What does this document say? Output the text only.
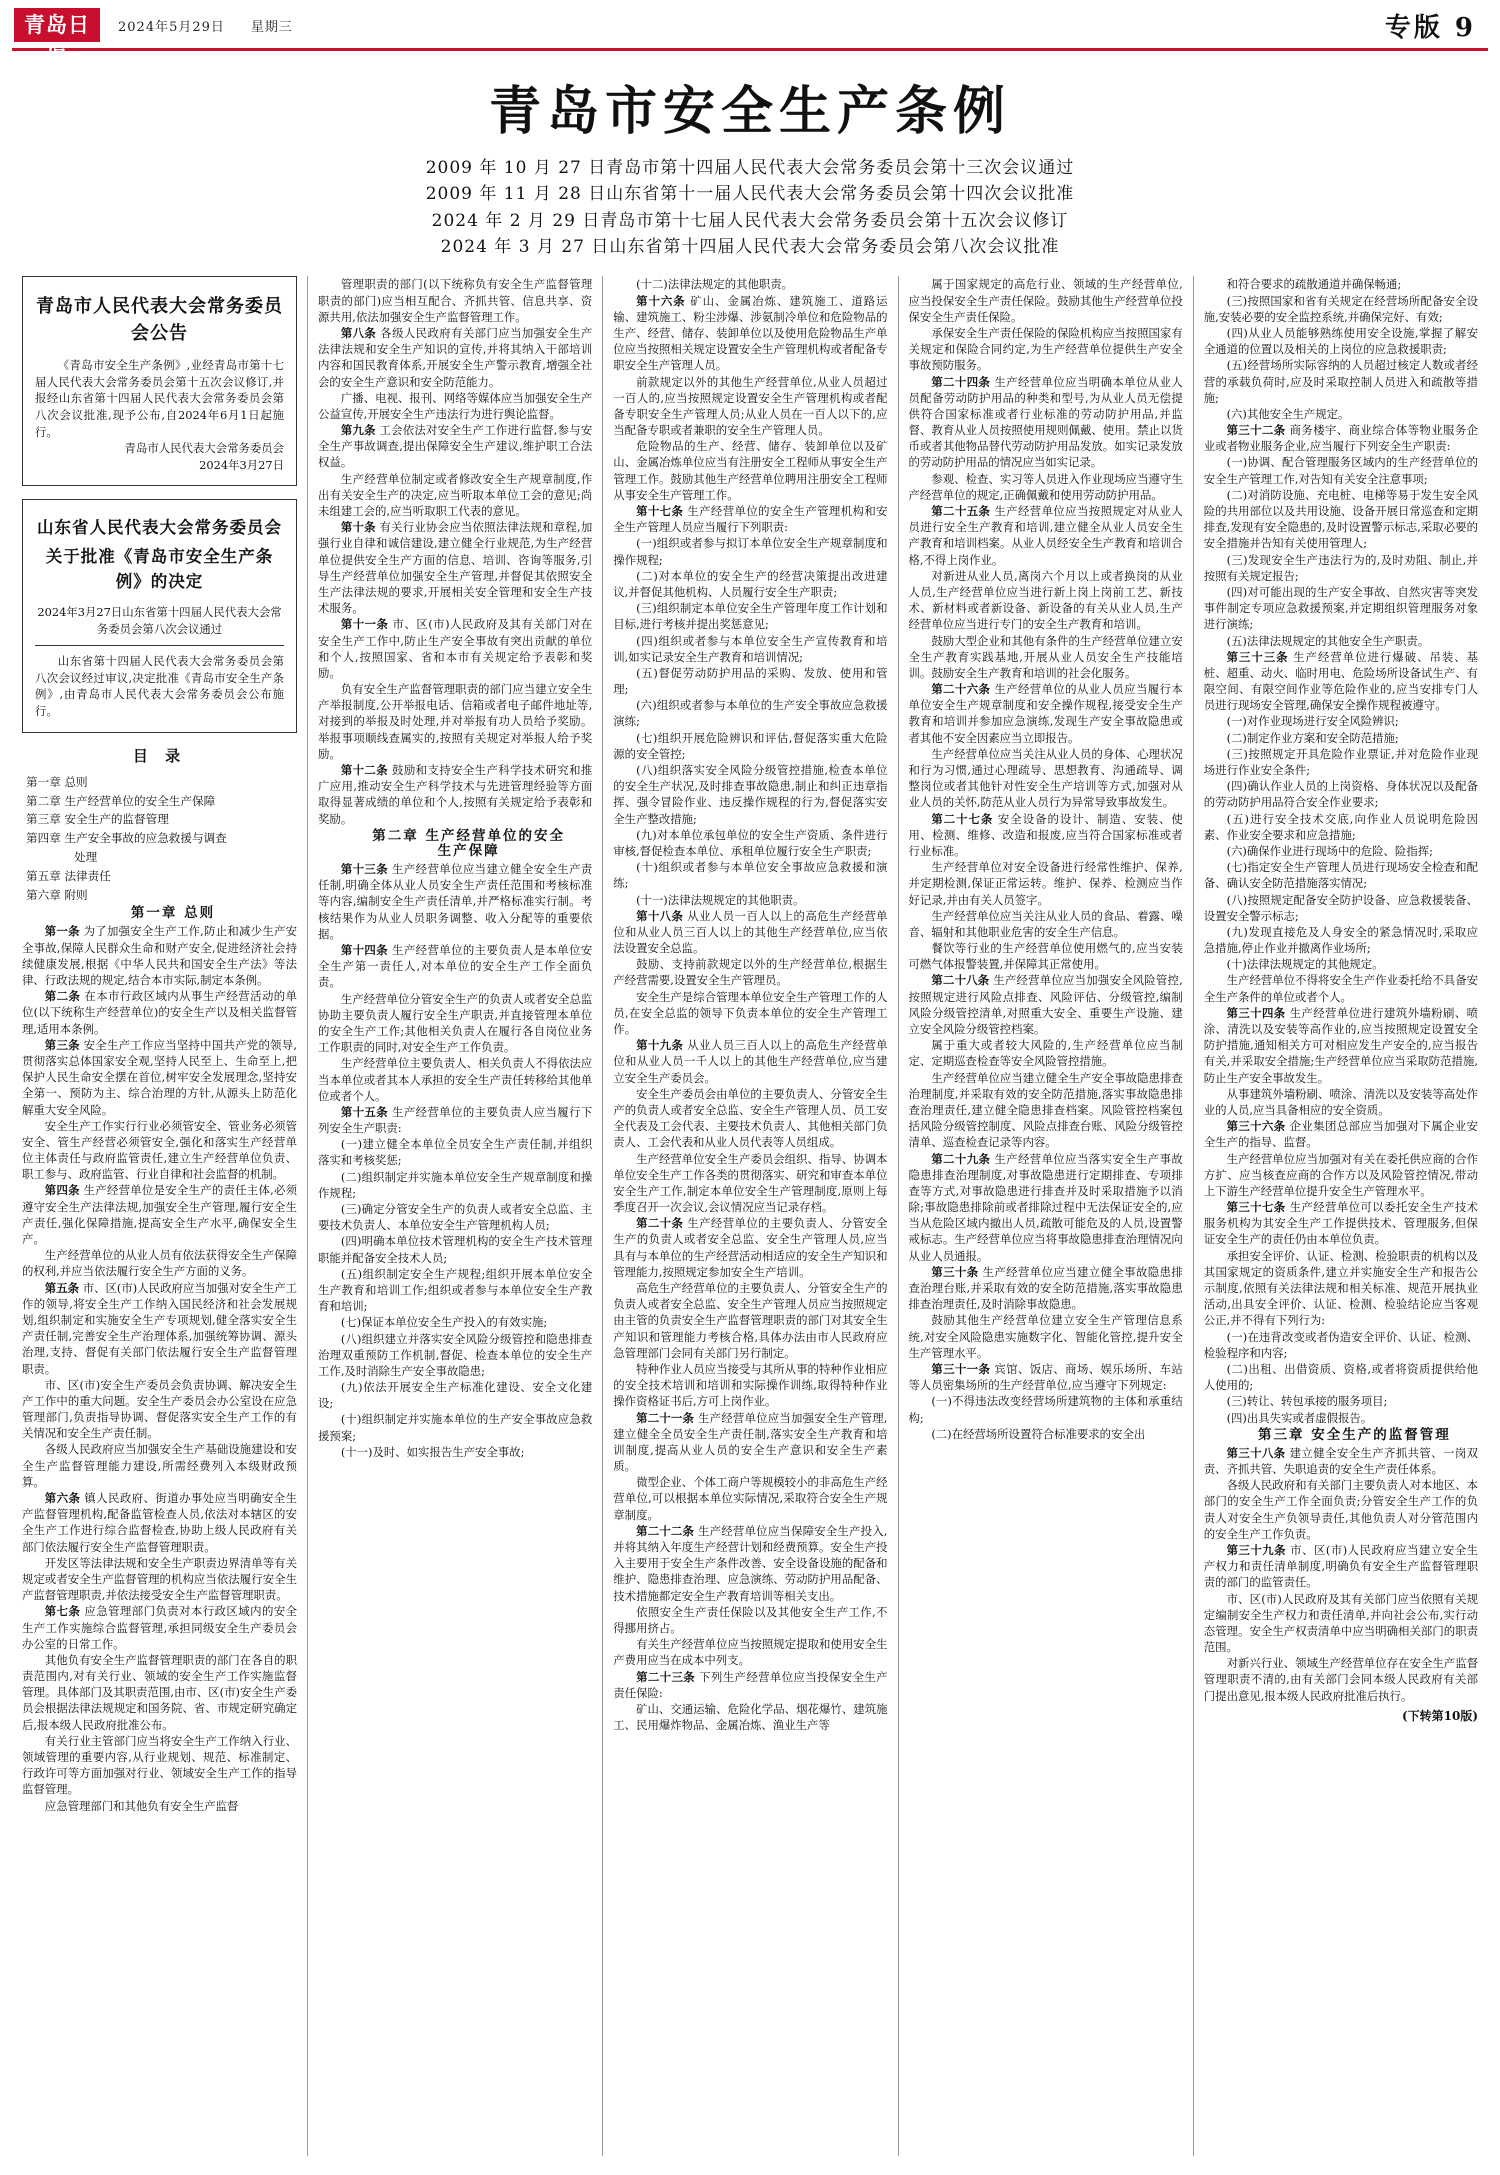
青岛日报
2024年5月29日 星期三	专版 9
青岛市安全生产条例
2009 年 10 月 27 日青岛市第十四届人民代表大会常务委员会第十三次会议通过
2009 年 11 月 28 日山东省第十一届人民代表大会常务委员会第十四次会议批准
2024 年 2 月 29 日青岛市第十七届人民代表大会常务委员会第十五次会议修订
2024 年 3 月 27 日山东省第十四届人民代表大会常务委员会第八次会议批准
青岛市人民代表大会常务委员会公告

《青岛市安全生产条例》,业经青岛市第十七届人民代表大会常务委员会第十五次会议修订,并报经山东省第十四届人民代表大会常务委员会第八次会议批准,现予公布,自2024年6月1日起施行。

青岛市人民代表大会常务委员会

2024年3月27日

山东省人民代表大会常务委员会
关于批准《青岛市安全生产条例》的决定

2024年3月27日山东省第十四届人民代表大会常务委员会第八次会议通过

山东省第十四届人民代表大会常务委员会第八次会议经过审议,决定批准《青岛市安全生产条例》,由青岛市人民代表大会常务委员会公布施行。

目 录
第一章 总则
第二章 生产经营单位的安全生产保障
第三章 安全生产的监督管理
第四章 生产安全事故的应急救援与调查
处理
第五章 法律责任
第六章 附则

第一章 总则

第一条 为了加强安全生产工作,防止和减少生产安全事故,保障人民群众生命和财产安全,促进经济社会持续健康发展,根据《中华人民共和国安全生产法》等法律、行政法规的规定,结合本市实际,制定本条例。

第二条 在本市行政区域内从事生产经营活动的单位(以下统称生产经营单位)的安全生产以及相关监督管理,适用本条例。

第三条 安全生产工作应当坚持中国共产党的领导,贯彻落实总体国家安全观,坚持人民至上、生命至上,把保护人民生命安全摆在首位,树牢安全发展理念,坚持安全第一、预防为主、综合治理的方针,从源头上防范化解重大安全风险。

安全生产工作实行行业必须管安全、管业务必须管安全、管生产经营必须管安全,强化和落实生产经营单位主体责任与政府监管责任,建立生产经营单位负责、职工参与、政府监管、行业自律和社会监督的机制。

第四条 生产经营单位是安全生产的责任主体,必须遵守安全生产法律法规,加强安全生产管理,履行安全生产责任,强化保障措施,提高安全生产水平,确保安全生产。

生产经营单位的从业人员有依法获得安全生产保障的权利,并应当依法履行安全生产方面的义务。

第五条 市、区(市)人民政府应当加强对安全生产工作的领导,将安全生产工作纳入国民经济和社会发展规划,组织制定和实施安全生产专项规划,健全落实安全生产责任制,完善安全生产治理体系,加强统筹协调、源头治理,支持、督促有关部门依法履行安全生产监督管理职责。

市、区(市)安全生产委员会负责协调、解决安全生产工作中的重大问题。安全生产委员会办公室设在应急管理部门,负责指导协调、督促落实安全生产工作的有关情况和安全生产责任制。

各级人民政府应当加强安全生产基础设施建设和安全生产监督管理能力建设,所需经费列入本级财政预算。

第六条 镇人民政府、街道办事处应当明确安全生产监督管理机构,配备监管检查人员,依法对本辖区的安全生产工作进行综合监督检查,协助上级人民政府有关部门依法履行安全生产监督管理职责。

开发区等法律法规和安全生产职责边界清单等有关规定或者安全生产监督管理的机构应当依法履行安全生产监督管理职责,并依法接受安全生产监督管理职责。

第七条 应急管理部门负责对本行政区域内的安全生产工作实施综合监督管理,承担同级安全生产委员会办公室的日常工作。

其他负有安全生产监督管理职责的部门在各自的职责范围内,对有关行业、领域的安全生产工作实施监督管理。具体部门及其职责范围,由市、区(市)安全生产委员会根据法律法规规定和国务院、省、市规定研究确定后,报本级人民政府批准公布。

有关行业主管部门应当将安全生产工作纳入行业、领域管理的重要内容,从行业规划、规范、标准制定、行政许可等方面加强对行业、领域安全生产工作的指导监督管理。

应急管理部门和其他负有安全生产监督

管理职责的部门(以下统称负有安全生产监督管理职责的部门)应当相互配合、齐抓共管、信息共享、资源共用,依法加强安全生产监督管理工作。

第八条 各级人民政府有关部门应当加强安全生产法律法规和安全生产知识的宣传,并将其纳入干部培训内容和国民教育体系,开展安全生产警示教育,增强全社会的安全生产意识和安全防范能力。

广播、电视、报刊、网络等媒体应当加强安全生产公益宣传,开展安全生产违法行为进行舆论监督。

第九条 工会依法对安全生产工作进行监督,参与安全生产事故调查,提出保障安全生产建议,维护职工合法权益。

生产经营单位制定或者修改安全生产规章制度,作出有关安全生产的决定,应当听取本单位工会的意见;尚未组建工会的,应当听取职工代表的意见。

第十条 有关行业协会应当依照法律法规和章程,加强行业自律和诚信建设,建立健全行业规范,为生产经营单位提供安全生产方面的信息、培训、咨询等服务,引导生产经营单位加强安全生产管理,并督促其依照安全生产法律法规的要求,开展相关安全管理和安全生产技术服务。

第十一条 市、区(市)人民政府及其有关部门对在安全生产工作中,防止生产安全事故有突出贡献的单位和个人,按照国家、省和本市有关规定给予表彰和奖励。

负有安全生产监督管理职责的部门应当建立安全生产举报制度,公开举报电话、信箱或者电子邮件地址等,对接到的举报及时处理,并对举报有功人员给予奖励。举报事项顺线查属实的,按照有关规定对举报人给予奖励。

第十二条 鼓励和支持安全生产科学技术研究和推广应用,推动安全生产科学技术与先进管理经验等方面取得显著成绩的单位和个人,按照有关规定给予表彰和奖励。

第二章 生产经营单位的安全

生产保障

第十三条 生产经营单位应当建立健全安全生产责任制,明确全体从业人员安全生产责任范围和考核标准等内容,编制安全生产责任清单,并严格标准实行制。考核结果作为从业人员职务调整、收入分配等的重要依据。

第十四条 生产经营单位的主要负责人是本单位安全生产第一责任人,对本单位的安全生产工作全面负责。

生产经营单位分管安全生产的负责人或者安全总监协助主要负责人履行安全生产职责,并直接管理本单位的安全生产工作;其他相关负责人在履行各自岗位业务工作职责的同时,对安全生产工作负责。

生产经营单位主要负责人、相关负责人不得依法应当本单位或者其本人承担的安全生产责任转移给其他单位或者个人。

第十五条 生产经营单位的主要负责人应当履行下列安全生产职责:

(一)建立健全本单位全员安全生产责任制,并组织落实和考核奖惩;

(二)组织制定并实施本单位安全生产规章制度和操作规程;

(三)确定分管安全生产的负责人或者安全总监、主要技术负责人、本单位安全生产管理机构人员;

(四)明确本单位技术管理机构的安全生产技术管理职能并配备安全技术人员;

(五)组织制定安全生产规程;组织开展本单位安全生产教育和培训工作;组织或者参与本单位安全生产教育和培训;

(七)保证本单位安全生产投入的有效实施;

(八)组织建立并落实安全风险分级管控和隐患排查治理双重预防工作机制,督促、检查本单位的安全生产工作,及时消除生产安全事故隐患;

(九)依法开展安全生产标准化建设、安全文化建设;

(十)组织制定并实施本单位的生产安全事故应急救援预案;

(十一)及时、如实报告生产安全事故;

(十二)法律法规定的其他职责。

第十六条 矿山、金属冶炼、建筑施工、道路运输、建筑施工、粉尘涉爆、涉氨制冷单位和危险物品的生产、经营、储存、装卸单位以及使用危险物品生产单位应当按照相关规定设置安全生产管理机构或者配备专职安全生产管理人员。

前款规定以外的其他生产经营单位,从业人员超过一百人的,应当按照规定设置安全生产管理机构或者配备专职安全生产管理人员;从业人员在一百人以下的,应当配备专职或者兼职的安全生产管理人员。

危险物品的生产、经营、储存、装卸单位以及矿山、金属冶炼单位应当有注册安全工程师从事安全生产管理工作。鼓励其他生产经营单位聘用注册安全工程师从事安全生产管理工作。

第十七条 生产经营单位的安全生产管理机构和安全生产管理人员应当履行下列职责:

(一)组织或者参与拟订本单位安全生产规章制度和操作规程;

(二)对本单位的安全生产的经营决策提出改进建议,并督促其他机构、人员履行安全生产职责;

(三)组织制定本单位安全生产管理年度工作计划和目标,进行考核并提出奖惩意见;

(四)组织或者参与本单位安全生产宣传教育和培训,如实记录安全生产教育和培训情况;

(五)督促劳动防护用品的采购、发放、使用和管理;

(六)组织或者参与本单位的生产安全事故应急救援演练;

(七)组织开展危险辨识和评估,督促落实重大危险源的安全管控;

(八)组织落实安全风险分级管控措施,检查本单位的安全生产状况,及时排查事故隐患,制止和纠正违章指挥、强令冒险作业、违反操作规程的行为,督促落实安全生产整改措施;

(九)对本单位承包单位的安全生产资质、条件进行审核,督促检查本单位、承租单位履行安全生产职责;

(十)组织或者参与本单位安全事故应急救援和演练;

(十一)法律法规规定的其他职责。

第十八条 从业人员一百人以上的高危生产经营单位和从业人员三百人以上的其他生产经营单位,应当依法设置安全总监。

鼓励、支持前款规定以外的生产经营单位,根据生产经营需要,设置安全生产管理员。

安全生产是综合管理本单位安全生产管理工作的人员,在安全总监的领导下负责本单位的安全生产管理工作。

第十九条 从业人员三百人以上的高危生产经营单位和从业人员一千人以上的其他生产经营单位,应当建立安全生产委员会。

安全生产委员会由单位的主要负责人、分管安全生产的负责人或者安全总监、安全生产管理人员、员工安全代表及工会代表、主要技术负责人、其他相关部门负责人、工会代表和从业人员代表等人员组成。

生产经营单位安全生产委员会组织、指导、协调本单位安全生产工作各类的贯彻落实、研究和审查本单位安全生产工作,制定本单位安全生产管理制度,原则上每季度召开一次会议,会议情况应当记录存档。

第二十条 生产经营单位的主要负责人、分管安全生产的负责人或者安全总监、安全生产管理人员,应当具有与本单位的生产经营活动相适应的安全生产知识和管理能力,按照规定参加安全生产培训。

高危生产经营单位的主要负责人、分管安全生产的负责人或者安全总监、安全生产管理人员应当按照规定由主管的负责安全生产监督管理职责的部门对其安全生产知识和管理能力考核合格,具体办法由市人民政府应急管理部门会同有关部门另行制定。

特种作业人员应当接受与其所从事的特种作业相应的安全技术培训和培训和实际操作训练,取得特种作业操作资格证书后,方可上岗作业。

第二十一条 生产经营单位应当加强安全生产管理,建立健全全员安全生产责任制,落实安全生产教育和培训制度,提高从业人员的安全生产意识和安全生产素质。

微型企业、个体工商户等规模较小的非高危生产经营单位,可以根据本单位实际情况,采取符合安全生产规章制度。

第二十二条 生产经营单位应当保障安全生产投入,并将其纳入年度生产经营计划和经费预算。安全生产投入主要用于安全生产条件改善、安全设备设施的配备和维护、隐患排查治理、应急演练、劳动防护用品配备、技术措施都定安全生产教育培训等相关支出。

依照安全生产责任保险以及其他安全生产工作,不得挪用挤占。

有关生产经营单位应当按照规定提取和使用安全生产费用应当在成本中列支。

第二十三条 下列生产经营单位应当投保安全生产责任保险:

矿山、交通运输、危险化学品、烟花爆竹、建筑施工、民用爆炸物品、金属冶炼、渔业生产等

属于国家规定的高危行业、领域的生产经营单位,应当投保安全生产责任保险。鼓励其他生产经营单位投保安全生产责任保险。

承保安全生产责任保险的保险机构应当按照国家有关规定和保险合同约定,为生产经营单位提供生产安全事故预防服务。

第二十四条 生产经营单位应当明确本单位从业人员配备劳动防护用品的种类和型号,为从业人员无偿提供符合国家标准或者行业标准的劳动防护用品,并监督、教育从业人员按照使用规则佩戴、使用。禁止以货币或者其他物品替代劳动防护用品发放。如实记录发放的劳动防护用品的情况应当如实记录。

参观、检查、实习等人员进入作业现场应当遵守生产经营单位的规定,正确佩戴和使用劳动防护用品。

第二十五条 生产经营单位应当按照规定对从业人员进行安全生产教育和培训,建立健全从业人员安全生产教育和培训档案。从业人员经安全生产教育和培训合格,不得上岗作业。

对新进从业人员,离岗六个月以上或者换岗的从业人员,生产经营单位应当进行新上岗上岗前工艺、新技术、新材料或者新设备、新设备的有关从业人员,生产经营单位应当进行专门的安全生产教育和培训。

鼓励大型企业和其他有条件的生产经营单位建立安全生产教育实践基地,开展从业人员安全生产技能培训。鼓励安全生产教育和培训的社会化服务。

第二十六条 生产经营单位的从业人员应当履行本单位安全生产规章制度和安全操作规程,接受安全生产教育和培训并参加应急演练,发现生产安全事故隐患或者其他不安全因素应当立即报告。

生产经营单位应当关注从业人员的身体、心理状况和行为习惯,通过心理疏导、思想教育、沟通疏导、调整岗位或者其他针对性安全生产培训等方式,加强对从业人员的关怀,防范从业人员行为异常导致事故发生。

第二十七条 安全设备的设计、制造、安装、使用、检测、维修、改造和报废,应当符合国家标准或者行业标准。

生产经营单位对安全设备进行经常性维护、保养,并定期检测,保证正常运转。维护、保养、检测应当作好记录,并由有关人员签字。

生产经营单位应当关注从业人员的食品、着露、噪音、辐射和其他职业危害的安全生产信息。

餐饮等行业的生产经营单位使用燃气的,应当安装可燃气体报警装置,并保障其正常使用。

第二十八条 生产经营单位应当加强安全风险管控,按照规定进行风险点排查、风险评估、分级管控,编制风险分级管控清单,对照重大安全、重要生产设施、建立安全风险分级管控档案。

属于重大或者较大风险的,生产经营单位应当制定、定期巡查检查等安全风险管控措施。

生产经营单位应当建立健全生产安全事故隐患排查治理制度,并采取有效的安全防范措施,落实事故隐患排查治理责任,建立健全隐患排查档案。风险管控档案包括风险分级管控制度、风险点排查台账、风险分级管控清单、巡查检查记录等内容。

第二十九条 生产经营单位应当落实安全生产事故隐患排查治理制度,对事故隐患进行定期排查、专项排查等方式,对事故隐患进行排查并及时采取措施予以消除;事故隐患排除前或者排除过程中无法保证安全的,应当从危险区域内撤出人员,疏散可能危及的人员,设置警戒标志。生产经营单位应当将事故隐患排查治理情况向从业人员通报。

第三十条 生产经营单位应当建立健全事故隐患排查治理台账,并采取有效的安全防范措施,落实事故隐患排查治理责任,及时消除事故隐患。

鼓励其他生产经营单位建立安全生产管理信息系统,对安全风险隐患实施数字化、智能化管控,提升安全生产管理水平。

第三十一条 宾馆、饭店、商场、娱乐场所、车站等人员密集场所的生产经营单位,应当遵守下列规定:

(一)不得违法改变经营场所建筑物的主体和承重结构;

(二)在经营场所设置符合标准要求的安全出

和符合要求的疏散通道并确保畅通;

(三)按照国家和省有关规定在经营场所配备安全设施,安装必要的安全监控系统,并确保完好、有效;

(四)从业人员能够熟练使用安全设施,掌握了解安全通道的位置以及相关的上岗位的应急救援职责;

(五)经营场所实际容纳的人员超过核定人数或者经营的承载负荷时,应及时采取控制人员进入和疏散等措施;

(六)其他安全生产规定。

第三十二条 商务楼宇、商业综合体等物业服务企业或者物业服务企业,应当履行下列安全生产职责:

(一)协调、配合管理服务区域内的生产经营单位的安全生产管理工作,对告知有关安全注意事项;

(二)对消防设施、充电桩、电梯等易于发生安全风险的共用部位以及共用设施、设备开展日常巡查和定期排查,发现有安全隐患的,及时设置警示标志,采取必要的安全措施并告知有关使用管理人;

(三)发现安全生产违法行为的,及时劝阻、制止,并按照有关规定报告;

(四)对可能出现的生产安全事故、自然灾害等突发事件制定专项应急救援预案,并定期组织管理服务对象进行演练;

(五)法律法规规定的其他安全生产职责。

第三十三条 生产经营单位进行爆破、吊装、基桩、超重、动火、临时用电、危险场所设备试生产、有限空间、有限空间作业等危险作业的,应当安排专门人员进行现场安全管理,确保安全操作规程被遵守。

(一)对作业现场进行安全风险辨识;

(二)制定作业方案和安全防范措施;

(三)按照规定开具危险作业票证,并对危险作业现场进行作业安全条件;

(四)确认作业人员的上岗资格、身体状况以及配备的劳动防护用品符合安全作业要求;

(五)进行安全技术交底,向作业人员说明危险因素、作业安全要求和应急措施;

(六)确保作业进行现场中的危险、险指挥;

(七)指定安全生产管理人员进行现场安全检查和配备、确认安全防范措施落实情况;

(八)按照规定配备安全防护设备、应急救援装备、设置安全警示标志;

(九)发现直接危及人身安全的紧急情况时,采取应急措施,停止作业并撤离作业场所;

(十)法律法规规定的其他规定。

生产经营单位不得将安全生产作业委托给不具备安全生产条件的单位或者个人。

第三十四条 生产经营单位进行建筑外墙粉刷、喷涂、清洗以及安装等高作业的,应当按照规定设置安全防护措施,通知相关方可对相应发生产安全的,应当报告有关,并采取安全措施;生产经营单位应当采取防范措施,防止生产安全事故发生。

从事建筑外墙粉刷、喷涂、清洗以及安装等高处作业的人员,应当具备相应的安全资质。

第三十六条 企业集团总部应当加强对下属企业安全生产的指导、监督。

生产经营单位应当加强对有关在委托供应商的合作方扩、应当核查应商的合作方以及风险管控情况,带动上下游生产经营单位提升安全生产管理水平。

第三十七条 生产经营单位可以委托安全生产技术服务机构为其安全生产工作提供技术、管理服务,但保证安全生产的责任仍由本单位负责。

承担安全评价、认证、检测、检验职责的机构以及其国家规定的资质条件,建立并实施安全生产和报告公示制度,依照有关法律法规和相关标准、规范开展执业活动,出具安全评价、认证、检测、检验结论应当客观公正,并不得有下列行为:

(一)在违背改变或者伪造安全评价、认证、检测、检验程序和内容;

(二)出租、出借资质、资格,或者将资质提供给他人使用的;

(三)转让、转包承接的服务项目;

(四)出具失实或者虚假报告。

第三章 安全生产的监督管理

第三十八条 建立健全安全生产齐抓共管、一岗双责、齐抓共管、失职追责的安全生产责任体系。

各级人民政府和有关部门主要负责人对本地区、本部门的安全生产工作全面负责;分管安全生产工作的负责人对安全生产负领导责任,其他负责人对分管范围内的安全生产工作负责。

第三十九条 市、区(市)人民政府应当建立安全生产权力和责任清单制度,明确负有安全生产监督管理职责的部门的监管责任。

市、区(市)人民政府及其有关部门应当依照有关规定编制安全生产权力和责任清单,并向社会公布,实行动态管理。安全生产权责清单中应当明确相关部门的职责范围。

对新兴行业、领域生产经营单位存在安全生产监督管理职责不清的,由有关部门会同本级人民政府有关部门提出意见,报本级人民政府批准后执行。

(下转第10版)
